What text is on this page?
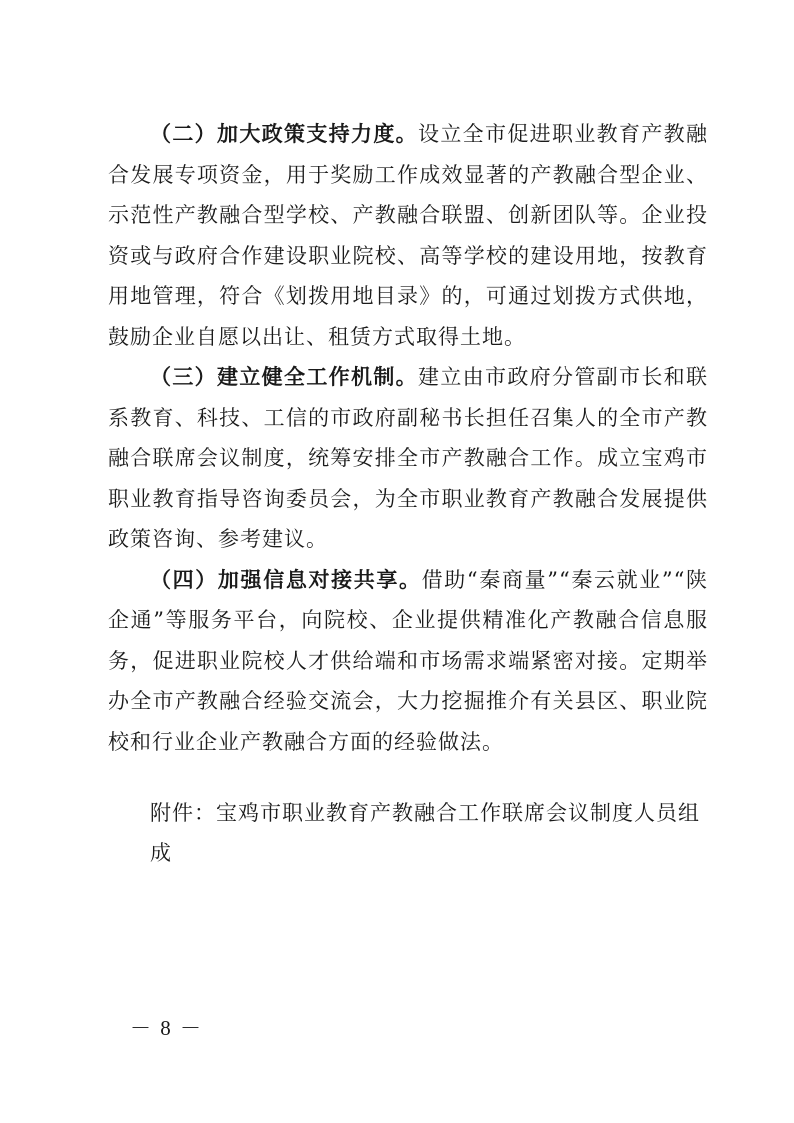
（二）加大政策支持力度。设立全市促进职业教育产教融合发展专项资金，用于奖励工作成效显著的产教融合型企业、示范性产教融合型学校、产教融合联盟、创新团队等。企业投资或与政府合作建设职业院校、高等学校的建设用地，按教育用地管理，符合《划拨用地目录》的，可通过划拨方式供地，鼓励企业自愿以出让、租赁方式取得土地。

（三）建立健全工作机制。建立由市政府分管副市长和联系教育、科技、工信的市政府副秘书长担任召集人的全市产教融合联席会议制度，统筹安排全市产教融合工作。成立宝鸡市职业教育指导咨询委员会，为全市职业教育产教融合发展提供政策咨询、参考建议。

（四）加强信息对接共享。借助“秦商量”“秦云就业”“陕企通”等服务平台，向院校、企业提供精准化产教融合信息服务，促进职业院校人才供给端和市场需求端紧密对接。定期举办全市产教融合经验交流会，大力挖掘推介有关县区、职业院校和行业企业产教融合方面的经验做法。

附件：宝鸡市职业教育产教融合工作联席会议制度人员组成

－ 8 －
